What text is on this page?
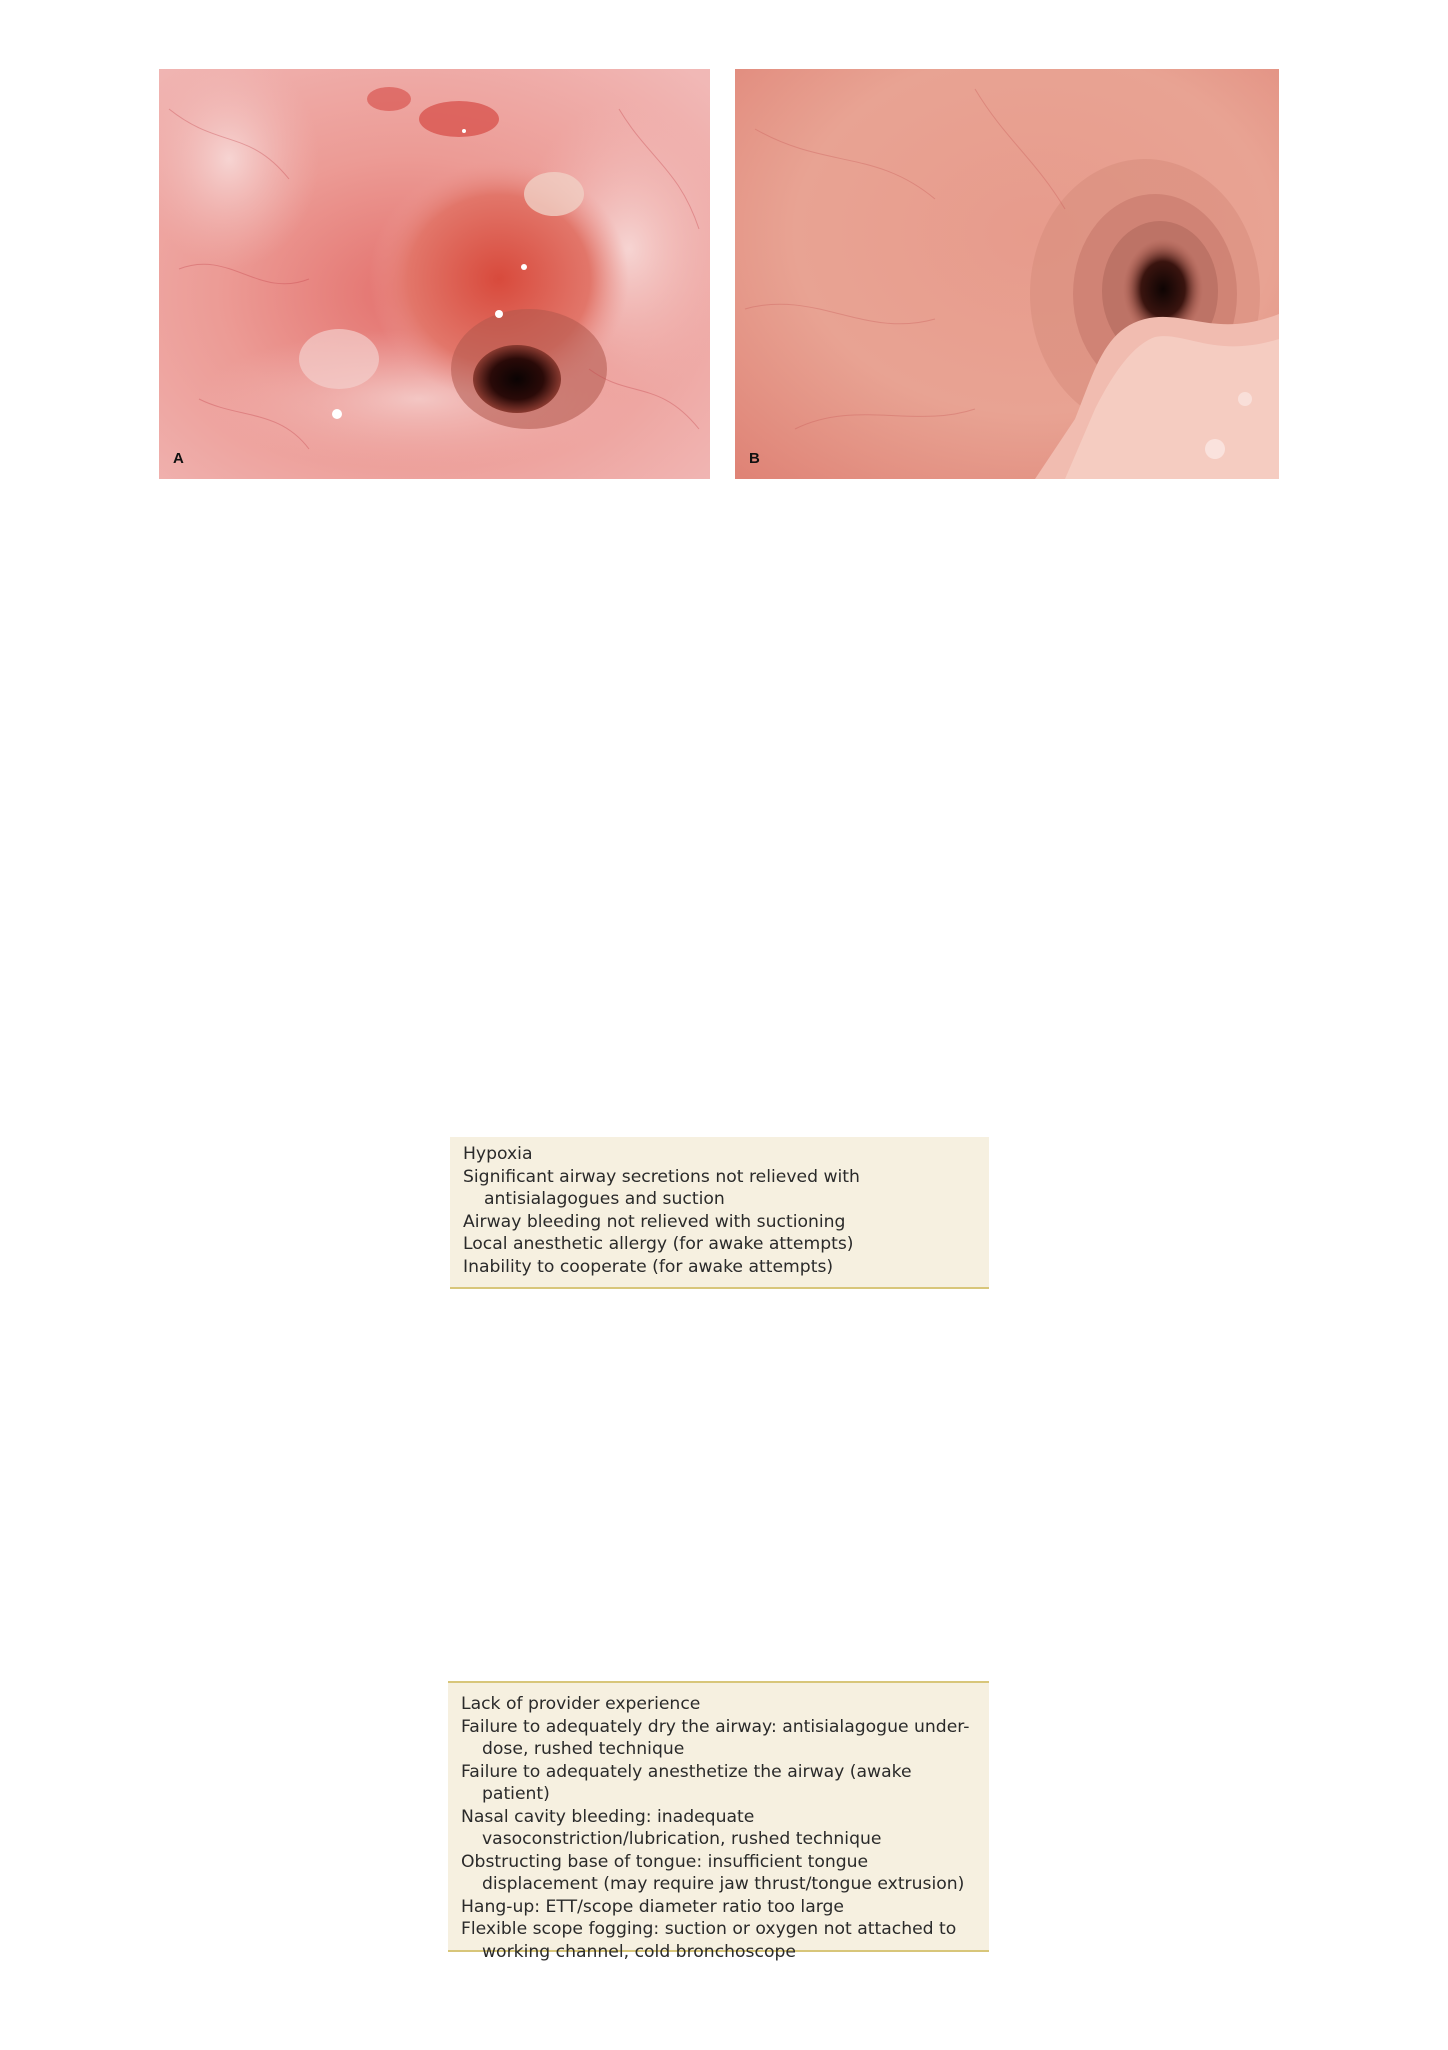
A	B
Hypoxia
Significant airway secretions not relieved with antisialagogues and suction
Airway bleeding not relieved with suctioning
Local anesthetic allergy (for awake attempts)
Inability to cooperate (for awake attempts)
Lack of provider experience
Failure to adequately dry the airway: antisialagogue under-dose, rushed technique
Failure to adequately anesthetize the airway (awake patient)
Nasal cavity bleeding: inadequate vasoconstriction/lubrication, rushed technique
Obstructing base of tongue: insufficient tongue displacement (may require jaw thrust/tongue extrusion)
Hang-up: ETT/scope diameter ratio too large
Flexible scope fogging: suction or oxygen not attached to working channel, cold bronchoscope
